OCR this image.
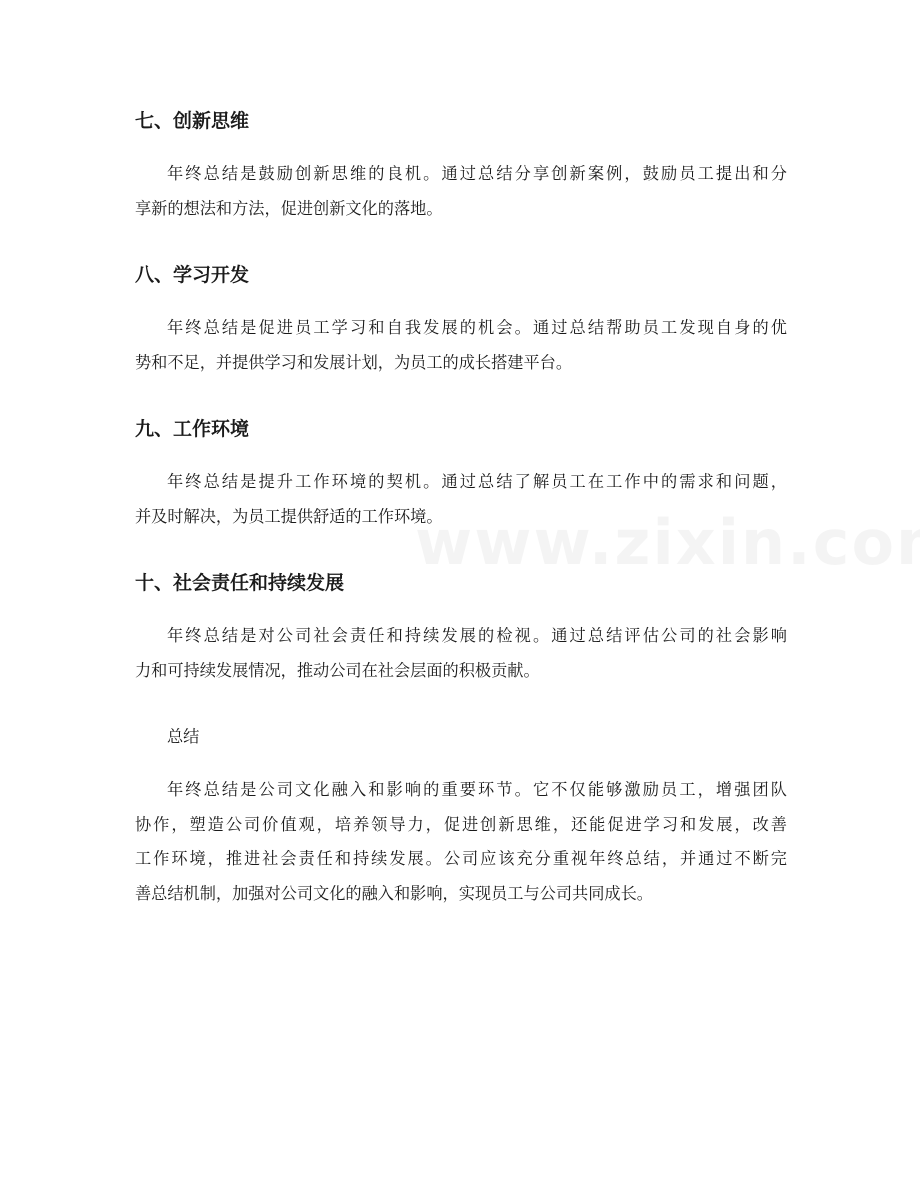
七、创新思维

年终总结是鼓励创新思维的良机。通过总结分享创新案例，鼓励员工提出和分
享新的想法和方法，促进创新文化的落地。

八、学习开发

年终总结是促进员工学习和自我发展的机会。通过总结帮助员工发现自身的优
势和不足，并提供学习和发展计划，为员工的成长搭建平台。

九、工作环境

年终总结是提升工作环境的契机。通过总结了解员工在工作中的需求和问题，
并及时解决，为员工提供舒适的工作环境。

十、社会责任和持续发展

年终总结是对公司社会责任和持续发展的检视。通过总结评估公司的社会影响
力和可持续发展情况，推动公司在社会层面的积极贡献。

总结

年终总结是公司文化融入和影响的重要环节。它不仅能够激励员工，增强团队
协作，塑造公司价值观，培养领导力，促进创新思维，还能促进学习和发展，改善
工作环境，推进社会责任和持续发展。公司应该充分重视年终总结，并通过不断完
善总结机制，加强对公司文化的融入和影响，实现员工与公司共同成长。
